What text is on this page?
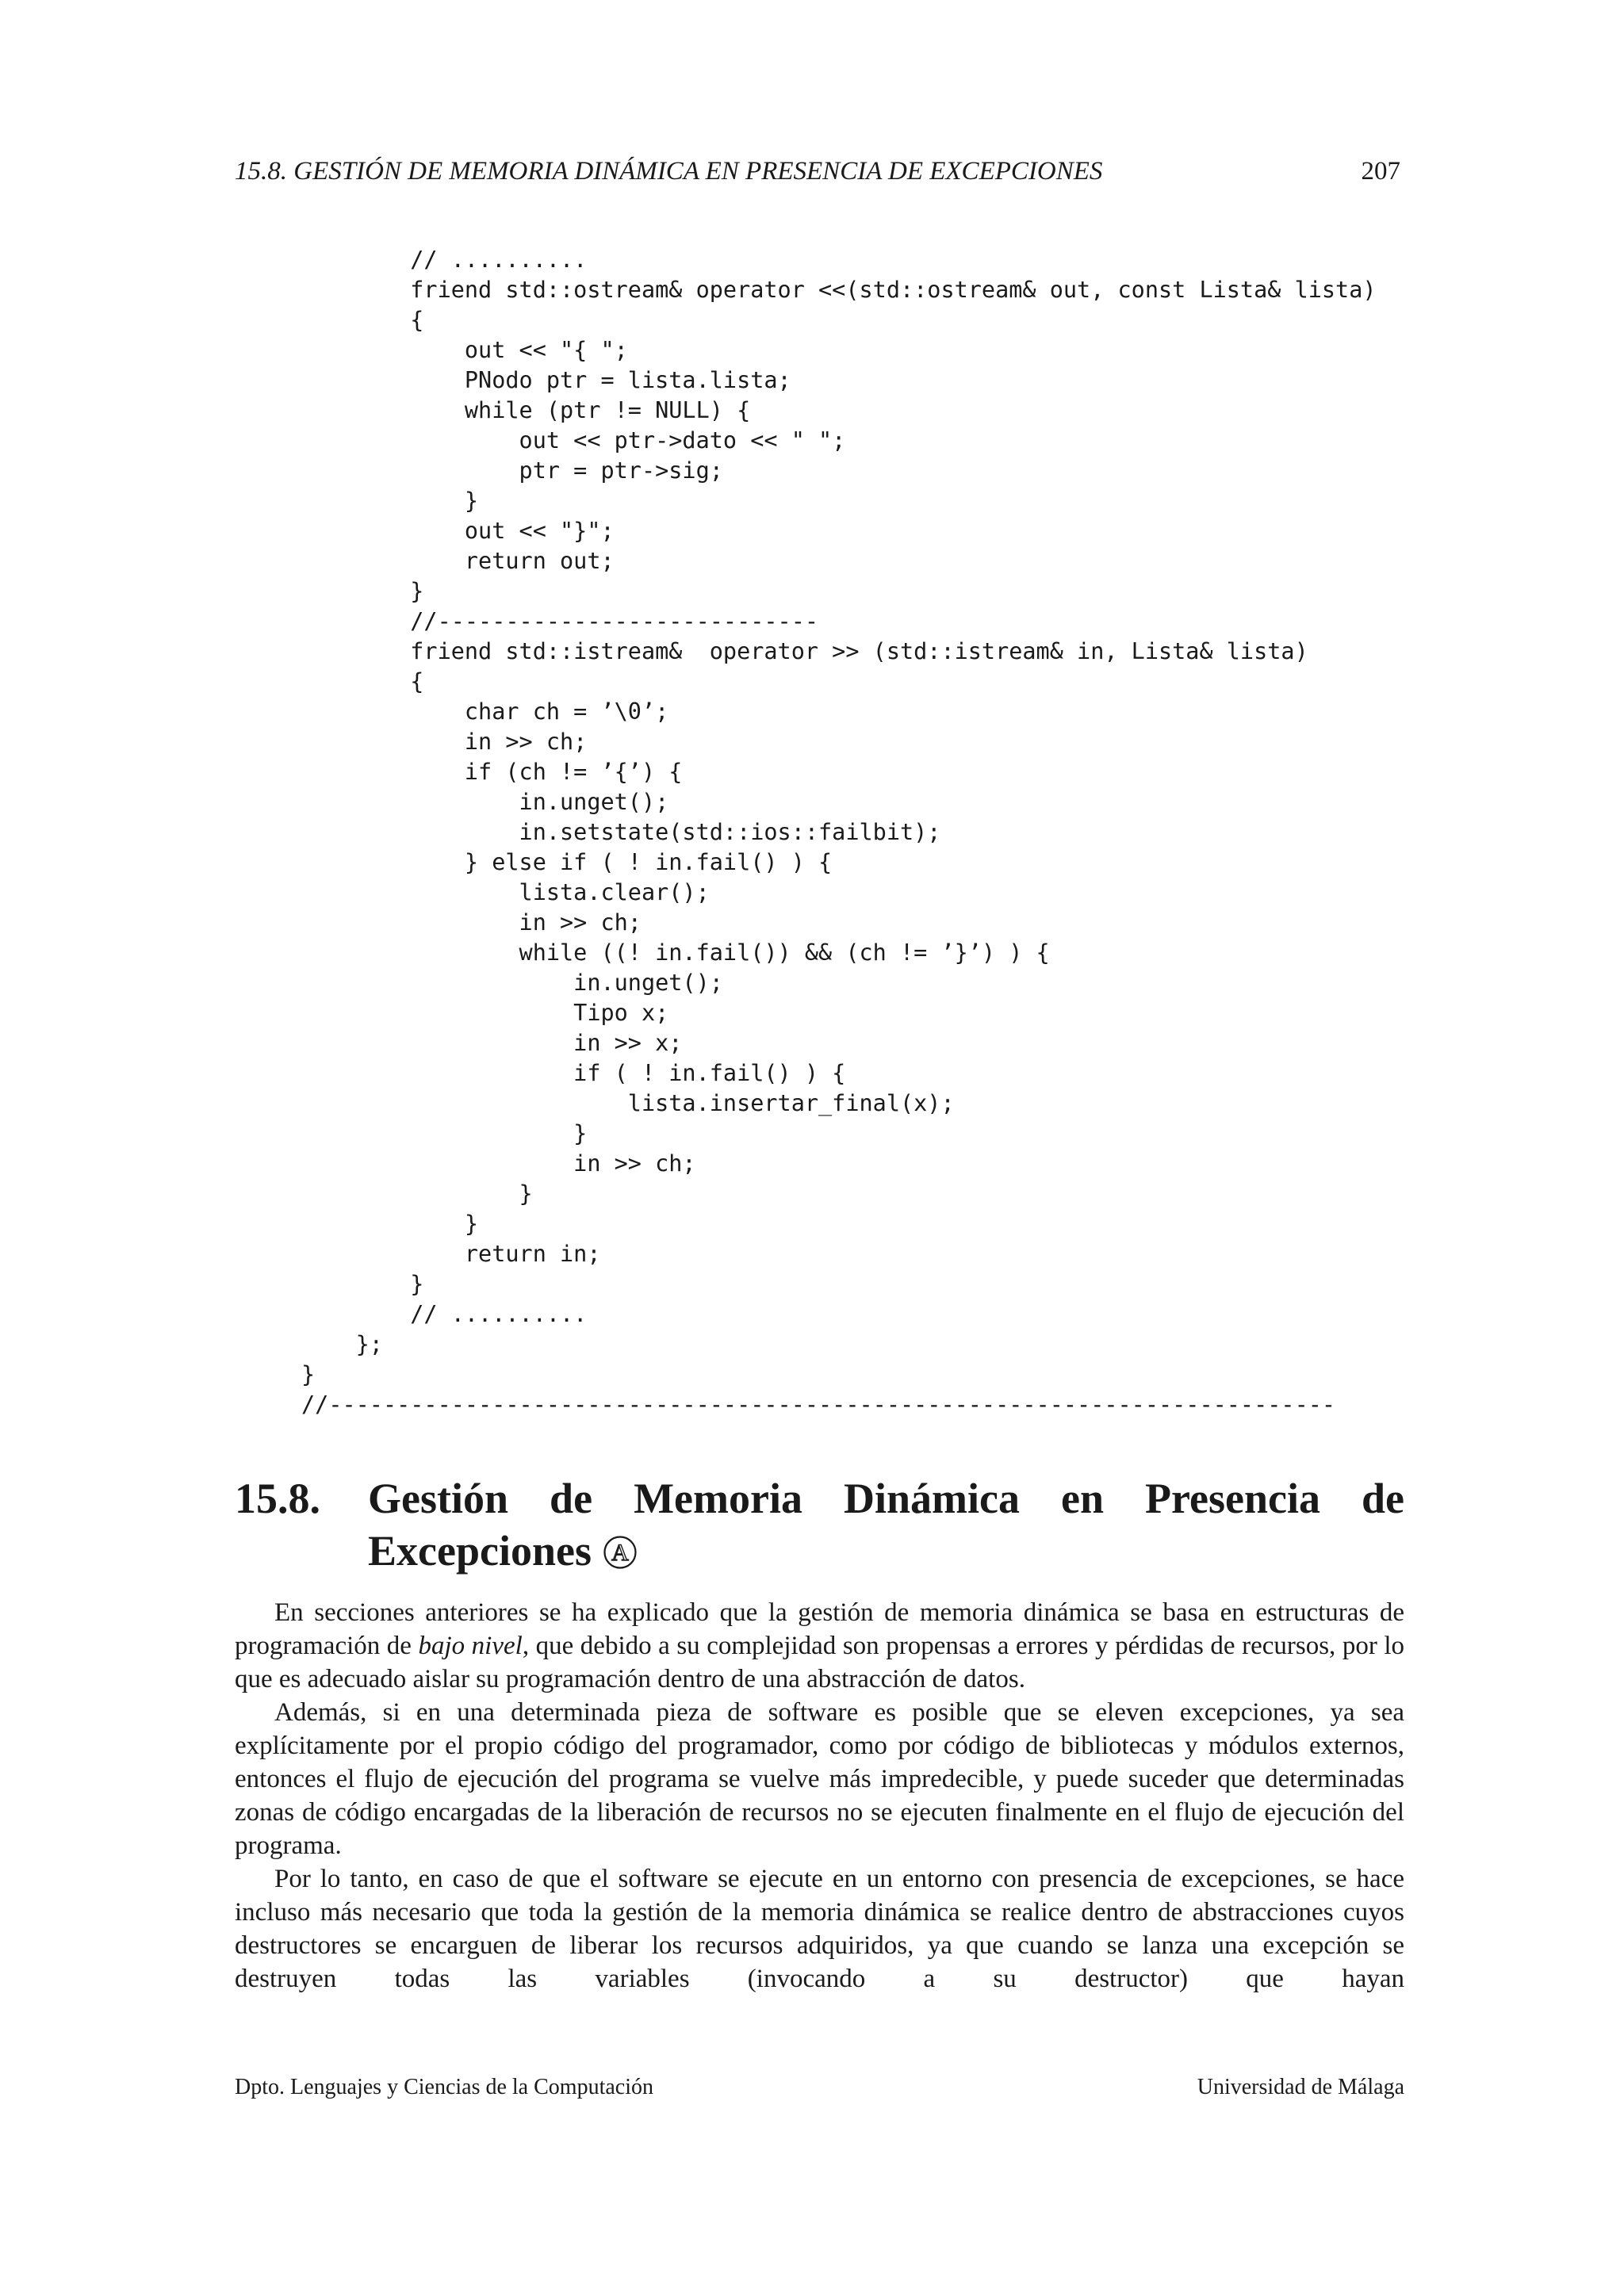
15.8. GESTIÓN DE MEMORIA DINÁMICA EN PRESENCIA DE EXCEPCIONES	207
// ..........
friend std::ostream& operator <<(std::ostream& out, const Lista& lista)
{
out << "{ ";
PNodo ptr = lista.lista;
while (ptr != NULL) {
out << ptr->dato << " ";
ptr = ptr->sig;
}
out << "}";
return out;
}
//----------------------------
friend std::istream&  operator >> (std::istream& in, Lista& lista)
{
char ch = ’\0’;
in >> ch;
if (ch != ’{’) {
in.unget();
in.setstate(std::ios::failbit);
} else if ( ! in.fail() ) {
lista.clear();
in >> ch;
while ((! in.fail()) && (ch != ’}’) ) {
in.unget();
Tipo x;
in >> x;
if ( ! in.fail() ) {
lista.insertar_final(x);
}
in >> ch;
}
}
return in;
}
// ..........
};
}
//--------------------------------------------------------------------------
15.8. Gestión de Memoria Dinámica en Presencia de Excepciones A

En secciones anteriores se ha explicado que la gestión de memoria dinámica se basa en estructuras de programación de bajo nivel, que debido a su complejidad son propensas a errores y pérdidas de recursos, por lo que es adecuado aislar su programación dentro de una abstracción de datos.

Además, si en una determinada pieza de software es posible que se eleven excepciones, ya sea explícitamente por el propio código del programador, como por código de bibliotecas y módulos externos, entonces el flujo de ejecución del programa se vuelve más impredecible, y puede suceder que determinadas zonas de código encargadas de la liberación de recursos no se ejecuten finalmente en el flujo de ejecución del programa.

Por lo tanto, en caso de que el software se ejecute en un entorno con presencia de excepciones, se hace incluso más necesario que toda la gestión de la memoria dinámica se realice dentro de abstracciones cuyos destructores se encarguen de liberar los recursos adquiridos, ya que cuando se lanza una excepción se destruyen todas las variables (invocando a su destructor) que hayan

Dpto. Lenguajes y Ciencias de la Computación	Universidad de Málaga
